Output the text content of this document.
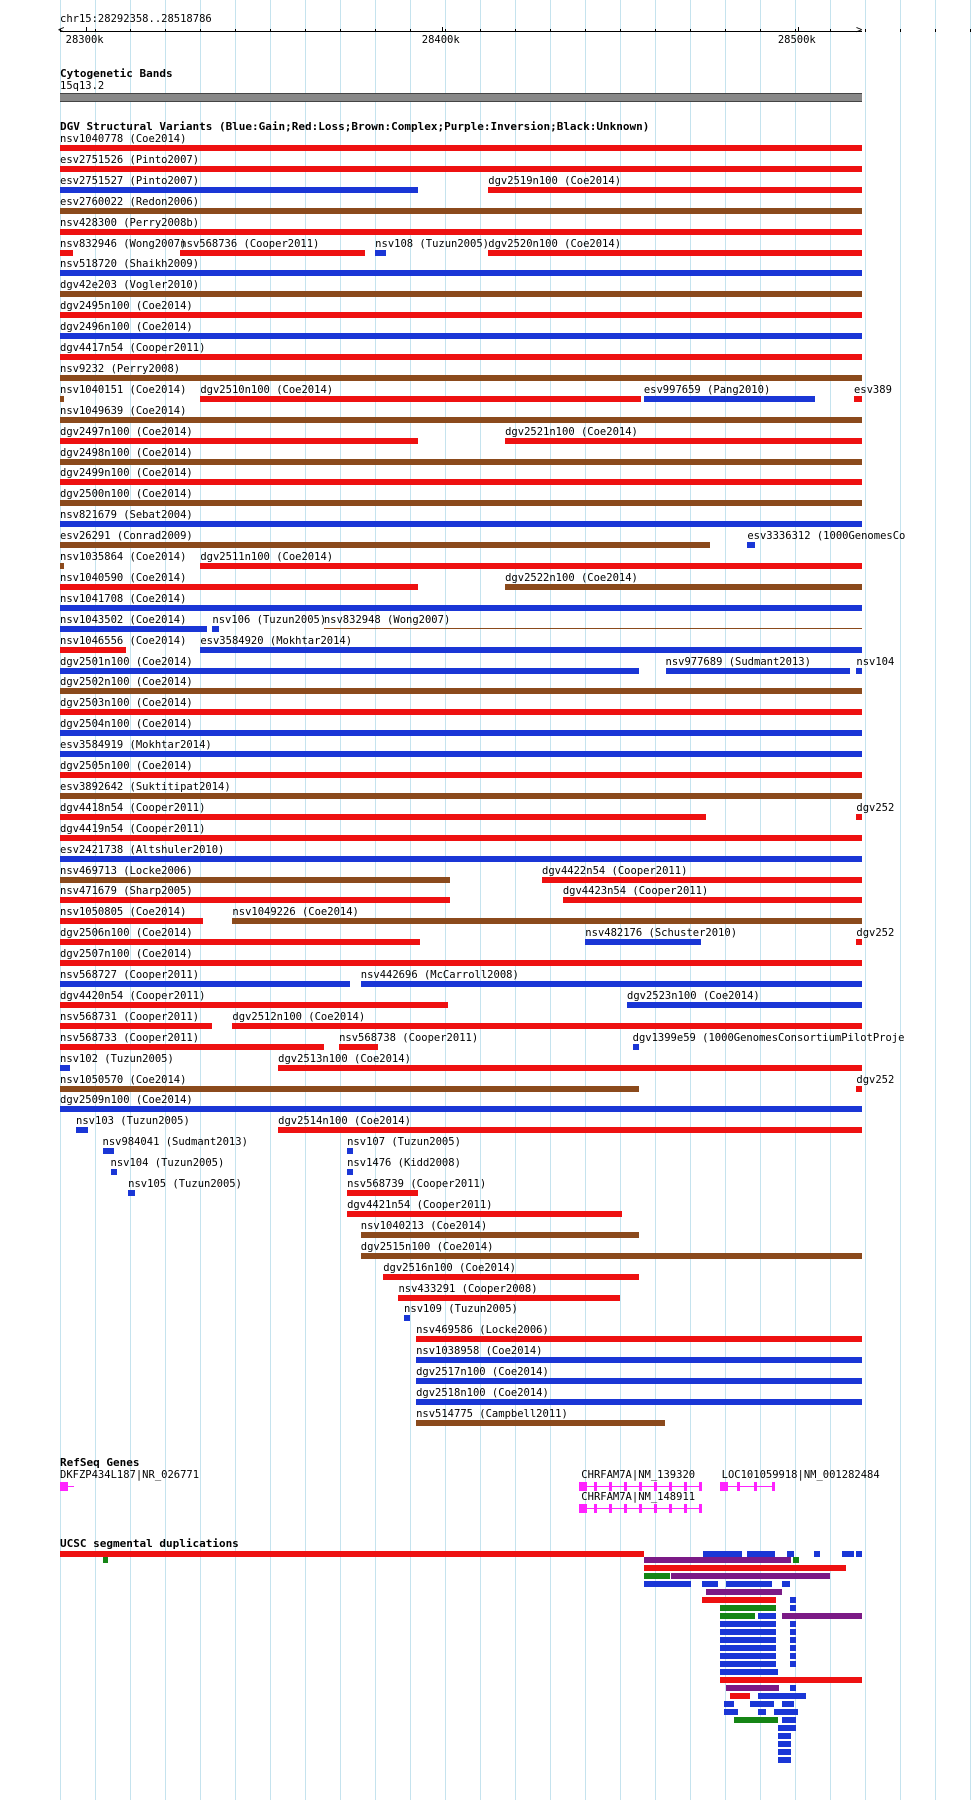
chr15:28292358..28518786
Cytogenetic Bands
15q13.2
DGV Structural Variants (Blue:Gain;Red:Loss;Brown:Complex;Purple:Inversion;Black:Unknown)
RefSeq Genes
UCSC segmental duplications
28300k	28400k	28500k
<	>
nsv1040778 (Coe2014)
esv2751526 (Pinto2007)
esv2751527 (Pinto2007)	dgv2519n100 (Coe2014)
esv2760022 (Redon2006)
nsv428300 (Perry2008b)
nsv832946 (Wong2007)
nsv568736 (Cooper2011)	nsv108 (Tuzun2005) dgv2520n100 (Coe2014)
nsv518720 (Shaikh2009)
dgv42e203 (Vogler2010)
dgv2495n100 (Coe2014)
dgv2496n100 (Coe2014)
dgv4417n54 (Cooper2011)
nsv9232 (Perry2008)
nsv1040151 (Coe2014) dgv2510n100 (Coe2014)	esv997659 (Pang2010)	esv389
nsv1049639 (Coe2014)
dgv2497n100 (Coe2014)	dgv2521n100 (Coe2014)
dgv2498n100 (Coe2014)
dgv2499n100 (Coe2014)
dgv2500n100 (Coe2014)
nsv821679 (Sebat2004)
esv26291 (Conrad2009)	esv3336312 (1000GenomesCo
nsv1035864 (Coe2014) dgv2511n100 (Coe2014)
nsv1040590 (Coe2014)	dgv2522n100 (Coe2014)
nsv1041708 (Coe2014)
nsv1043502 (Coe2014) nsv106 (Tuzun2005)
nsv832948 (Wong2007)
nsv1046556 (Coe2014) esv3584920 (Mokhtar2014)
dgv2501n100 (Coe2014)	nsv977689 (Sudmant2013)	nsv104
dgv2502n100 (Coe2014)
dgv2503n100 (Coe2014)
dgv2504n100 (Coe2014)
esv3584919 (Mokhtar2014)
dgv2505n100 (Coe2014)
esv3892642 (Suktitipat2014)
dgv4418n54 (Cooper2011)	dgv252
dgv4419n54 (Cooper2011)
esv2421738 (Altshuler2010)
nsv469713 (Locke2006)	dgv4422n54 (Cooper2011)
nsv471679 (Sharp2005)	dgv4423n54 (Cooper2011)
nsv1050805 (Coe2014)	nsv1049226 (Coe2014)
dgv2506n100 (Coe2014)	nsv482176 (Schuster2010)	dgv252
dgv2507n100 (Coe2014)
nsv568727 (Cooper2011)	nsv442696 (McCarroll2008)
dgv4420n54 (Cooper2011)	dgv2523n100 (Coe2014)
nsv568731 (Cooper2011)	dgv2512n100 (Coe2014)
nsv568733 (Cooper2011)	nsv568738 (Cooper2011)	dgv1399e59 (1000GenomesConsortiumPilotProje
nsv102 (Tuzun2005)	dgv2513n100 (Coe2014)
nsv1050570 (Coe2014)	dgv252
dgv2509n100 (Coe2014)
nsv103 (Tuzun2005)	dgv2514n100 (Coe2014)
nsv984041 (Sudmant2013)	nsv107 (Tuzun2005)
nsv104 (Tuzun2005)	nsv1476 (Kidd2008)
nsv105 (Tuzun2005)	nsv568739 (Cooper2011)
dgv4421n54 (Cooper2011)
nsv1040213 (Coe2014)
dgv2515n100 (Coe2014)
dgv2516n100 (Coe2014)
nsv433291 (Cooper2008)
nsv109 (Tuzun2005)
nsv469586 (Locke2006)
nsv1038958 (Coe2014)
dgv2517n100 (Coe2014)
dgv2518n100 (Coe2014)
nsv514775 (Campbell2011)
DKFZP434L187|NR_026771	CHRFAM7A|NM_139320	LOC101059918|NM_001282484
CHRFAM7A|NM_148911
